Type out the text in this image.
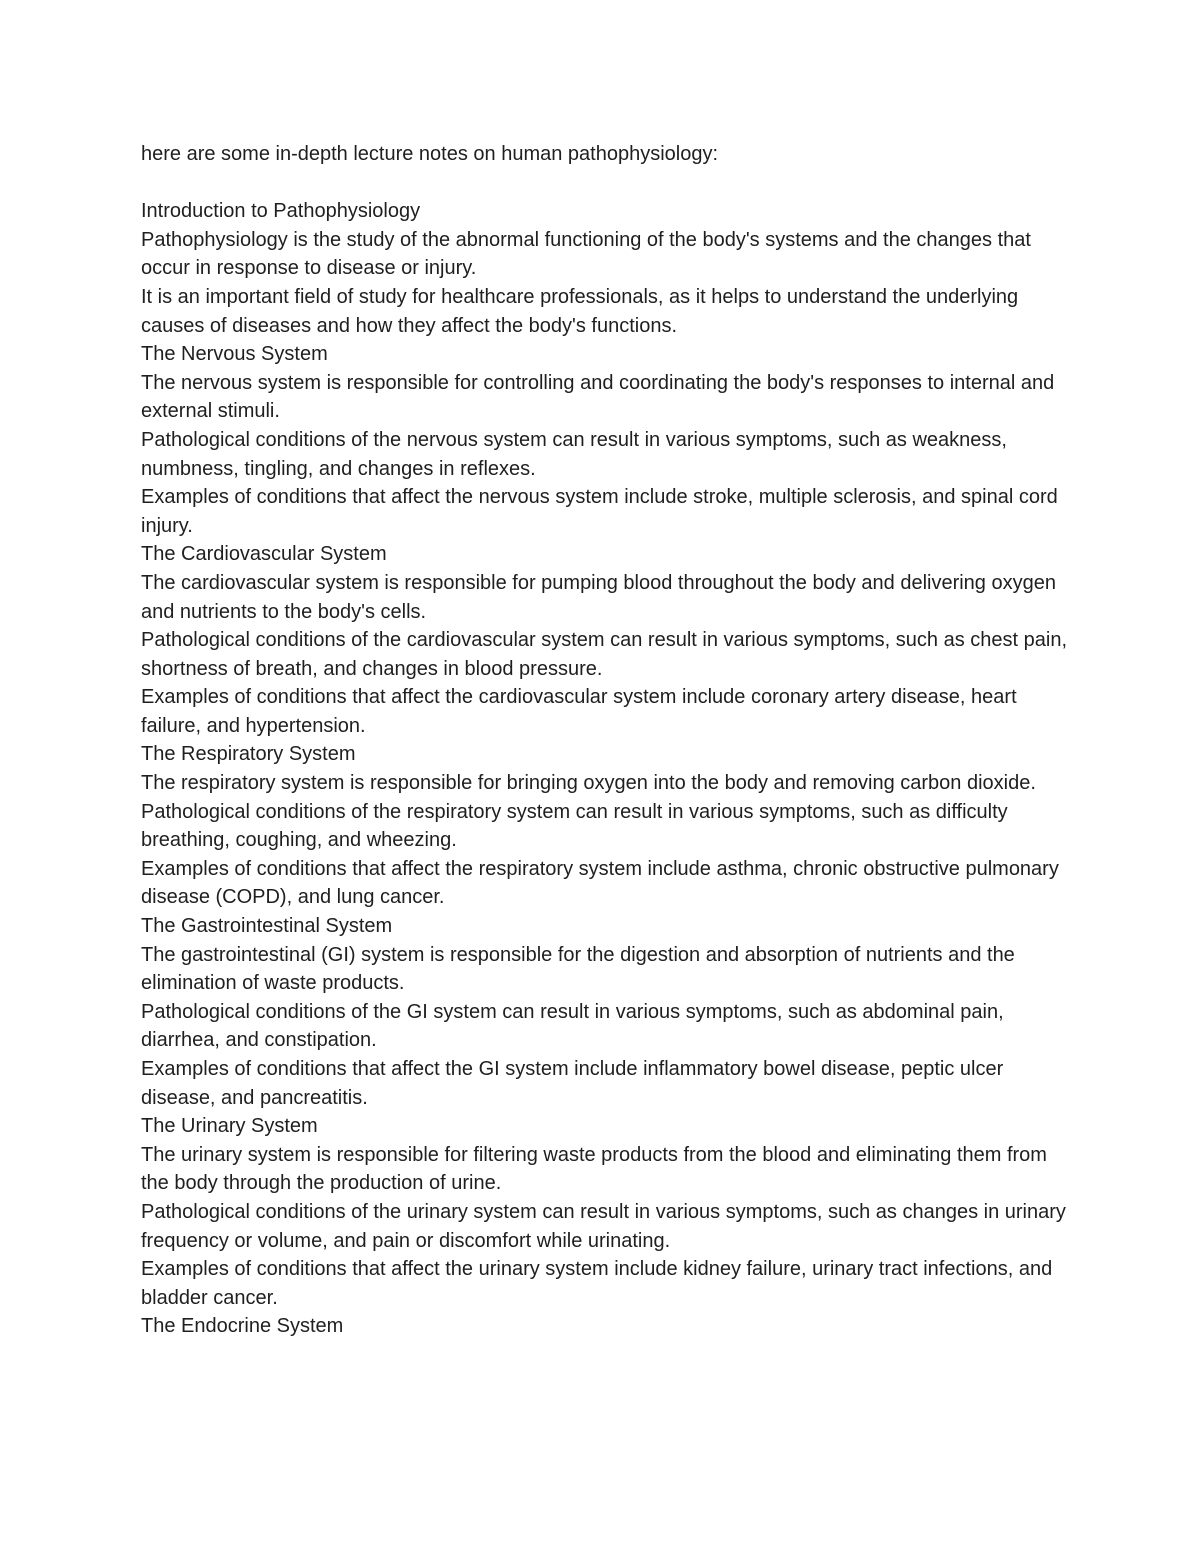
here are some in-depth lecture notes on human pathophysiology:

Introduction to Pathophysiology

Pathophysiology is the study of the abnormal functioning of the body's systems and the changes that occur in response to disease or injury.

It is an important field of study for healthcare professionals, as it helps to understand the underlying causes of diseases and how they affect the body's functions.

The Nervous System

The nervous system is responsible for controlling and coordinating the body's responses to internal and external stimuli.

Pathological conditions of the nervous system can result in various symptoms, such as weakness, numbness, tingling, and changes in reflexes.

Examples of conditions that affect the nervous system include stroke, multiple sclerosis, and spinal cord injury.

The Cardiovascular System

The cardiovascular system is responsible for pumping blood throughout the body and delivering oxygen and nutrients to the body's cells.

Pathological conditions of the cardiovascular system can result in various symptoms, such as chest pain, shortness of breath, and changes in blood pressure.

Examples of conditions that affect the cardiovascular system include coronary artery disease, heart failure, and hypertension.

The Respiratory System

The respiratory system is responsible for bringing oxygen into the body and removing carbon dioxide.

Pathological conditions of the respiratory system can result in various symptoms, such as difficulty breathing, coughing, and wheezing.

Examples of conditions that affect the respiratory system include asthma, chronic obstructive pulmonary disease (COPD), and lung cancer.

The Gastrointestinal System

The gastrointestinal (GI) system is responsible for the digestion and absorption of nutrients and the elimination of waste products.

Pathological conditions of the GI system can result in various symptoms, such as abdominal pain, diarrhea, and constipation.

Examples of conditions that affect the GI system include inflammatory bowel disease, peptic ulcer disease, and pancreatitis.

The Urinary System

The urinary system is responsible for filtering waste products from the blood and eliminating them from the body through the production of urine.

Pathological conditions of the urinary system can result in various symptoms, such as changes in urinary frequency or volume, and pain or discomfort while urinating.

Examples of conditions that affect the urinary system include kidney failure, urinary tract infections, and bladder cancer.

The Endocrine System
